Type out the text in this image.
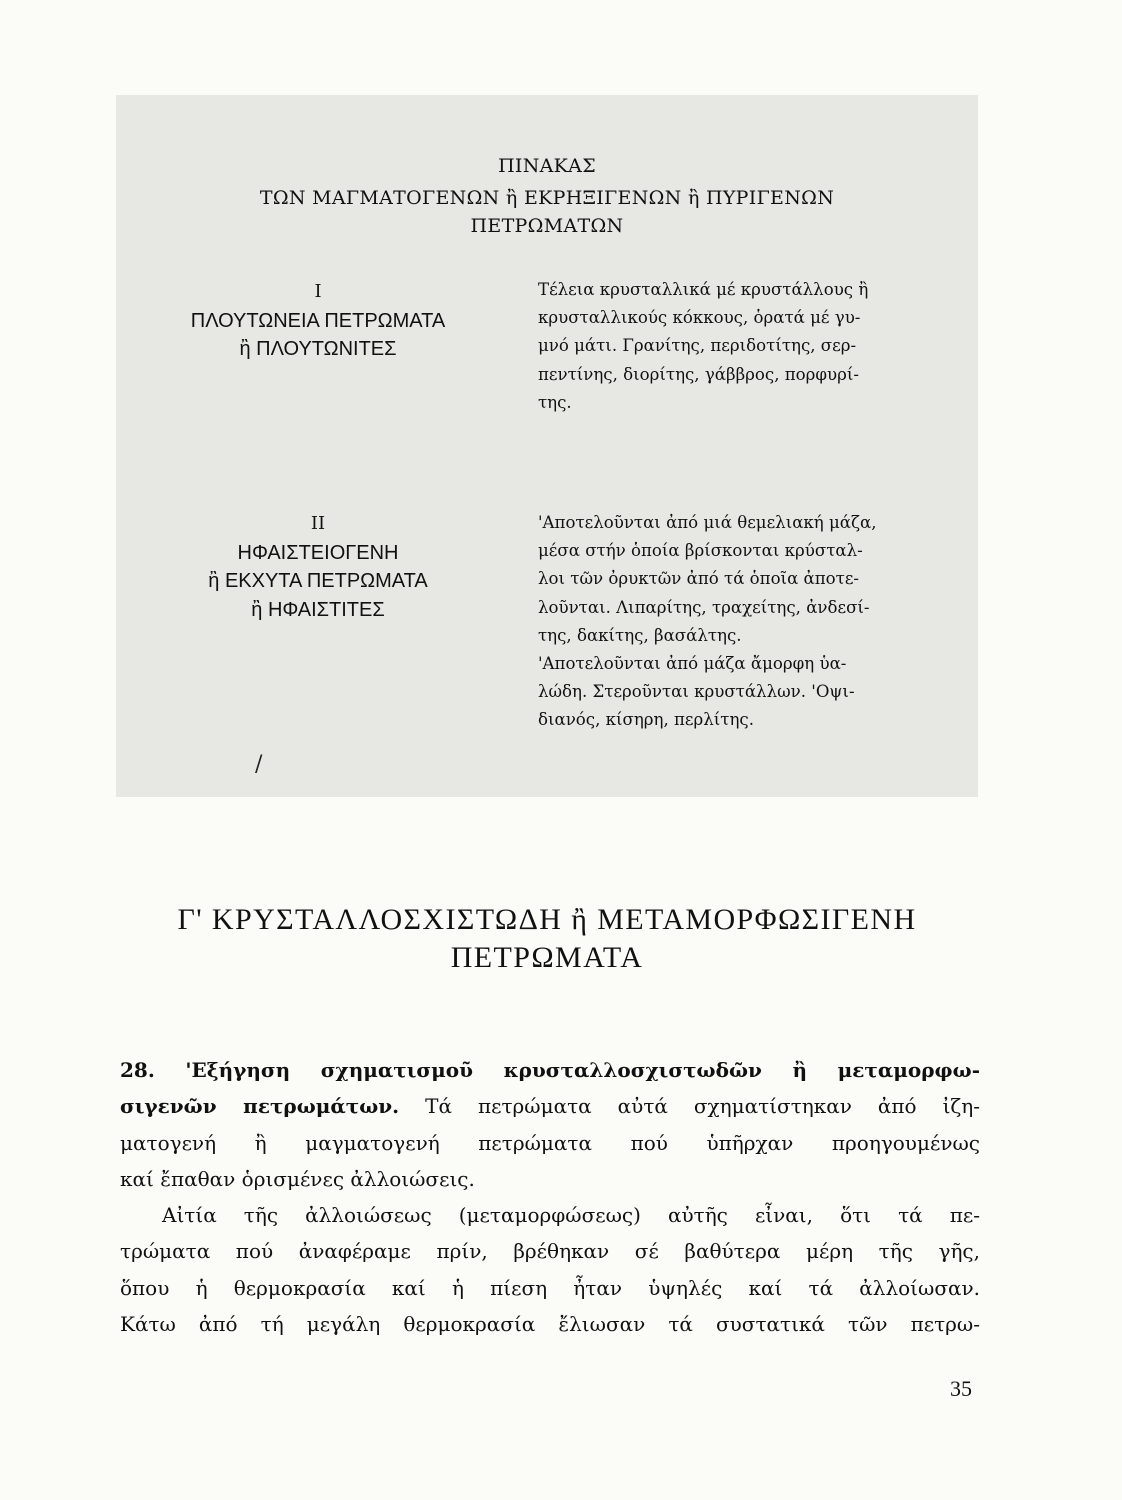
ΠΙΝΑΚΑΣ
ΤΩΝ ΜΑΓΜΑΤΟΓΕΝΩΝ ἢ ΕΚΡΗΞΙΓΕΝΩΝ ἢ ΠΥΡΙΓΕΝΩΝ
ΠΕΤΡΩΜΑΤΩΝ
I
ΠΛΟΥΤΩΝΕΙΑ ΠΕΤΡΩΜΑΤΑ
ἢ ΠΛΟΥΤΩΝΙΤΕΣ

Τέλεια κρυσταλλικά μέ κρυστάλλους ἢ

κρυσταλλικούς κόκκους, ὁρατά μέ γυ-

μνό μάτι. Γρανίτης, περιδοτίτης, σερ-

πεντίνης, διορίτης, γάββρος, πορφυρί-

της.

II
ΗΦΑΙΣΤΕΙΟΓΕΝΗ
ἢ ΕΚΧΥΤΑ ΠΕΤΡΩΜΑΤΑ
ἢ ΗΦΑΙΣΤΙΤΕΣ

'Αποτελοῦνται ἀπό μιά θεμελιακή μάζα,

μέσα στήν ὁποία βρίσκονται κρύσταλ-

λοι τῶν ὀρυκτῶν ἀπό τά ὁποῖα ἀποτε-

λοῦνται. Λιπαρίτης, τραχείτης, ἀνδεσί-

της, δακίτης, βασάλτης.

'Αποτελοῦνται ἀπό μάζα ἄμορφη ὑα-

λώδη. Στεροῦνται κρυστάλλων. 'Οψι-

διανός, κίσηρη, περλίτης.

/
Γ' ΚΡΥΣΤΑΛΛΟΣΧΙΣΤΩΔΗ ἢ ΜΕΤΑΜΟΡΦΩΣΙΓΕΝΗ
ΠΕΤΡΩΜΑΤΑ
28. 'Εξήγηση σχηματισμοῦ κρυσταλλοσχιστωδῶν ἢ μεταμορφω-
σιγενῶν πετρωμάτων. Τά πετρώματα αὐτά σχηματίστηκαν ἀπό ἰζη-
ματογενή ἢ μαγματογενή πετρώματα πού ὑπῆρχαν προηγουμένως
καί ἔπαθαν ὁρισμένες ἀλλοιώσεις.
Αἰτία τῆς ἀλλοιώσεως (μεταμορφώσεως) αὐτῆς εἶναι, ὅτι τά πε-
τρώματα πού ἀναφέραμε πρίν, βρέθηκαν σέ βαθύτερα μέρη τῆς γῆς,
ὅπου ἡ θερμοκρασία καί ἡ πίεση ἦταν ὑψηλές καί τά ἀλλοίωσαν.
Κάτω ἀπό τή μεγάλη θερμοκρασία ἔλιωσαν τά συστατικά τῶν πετρω-
35
